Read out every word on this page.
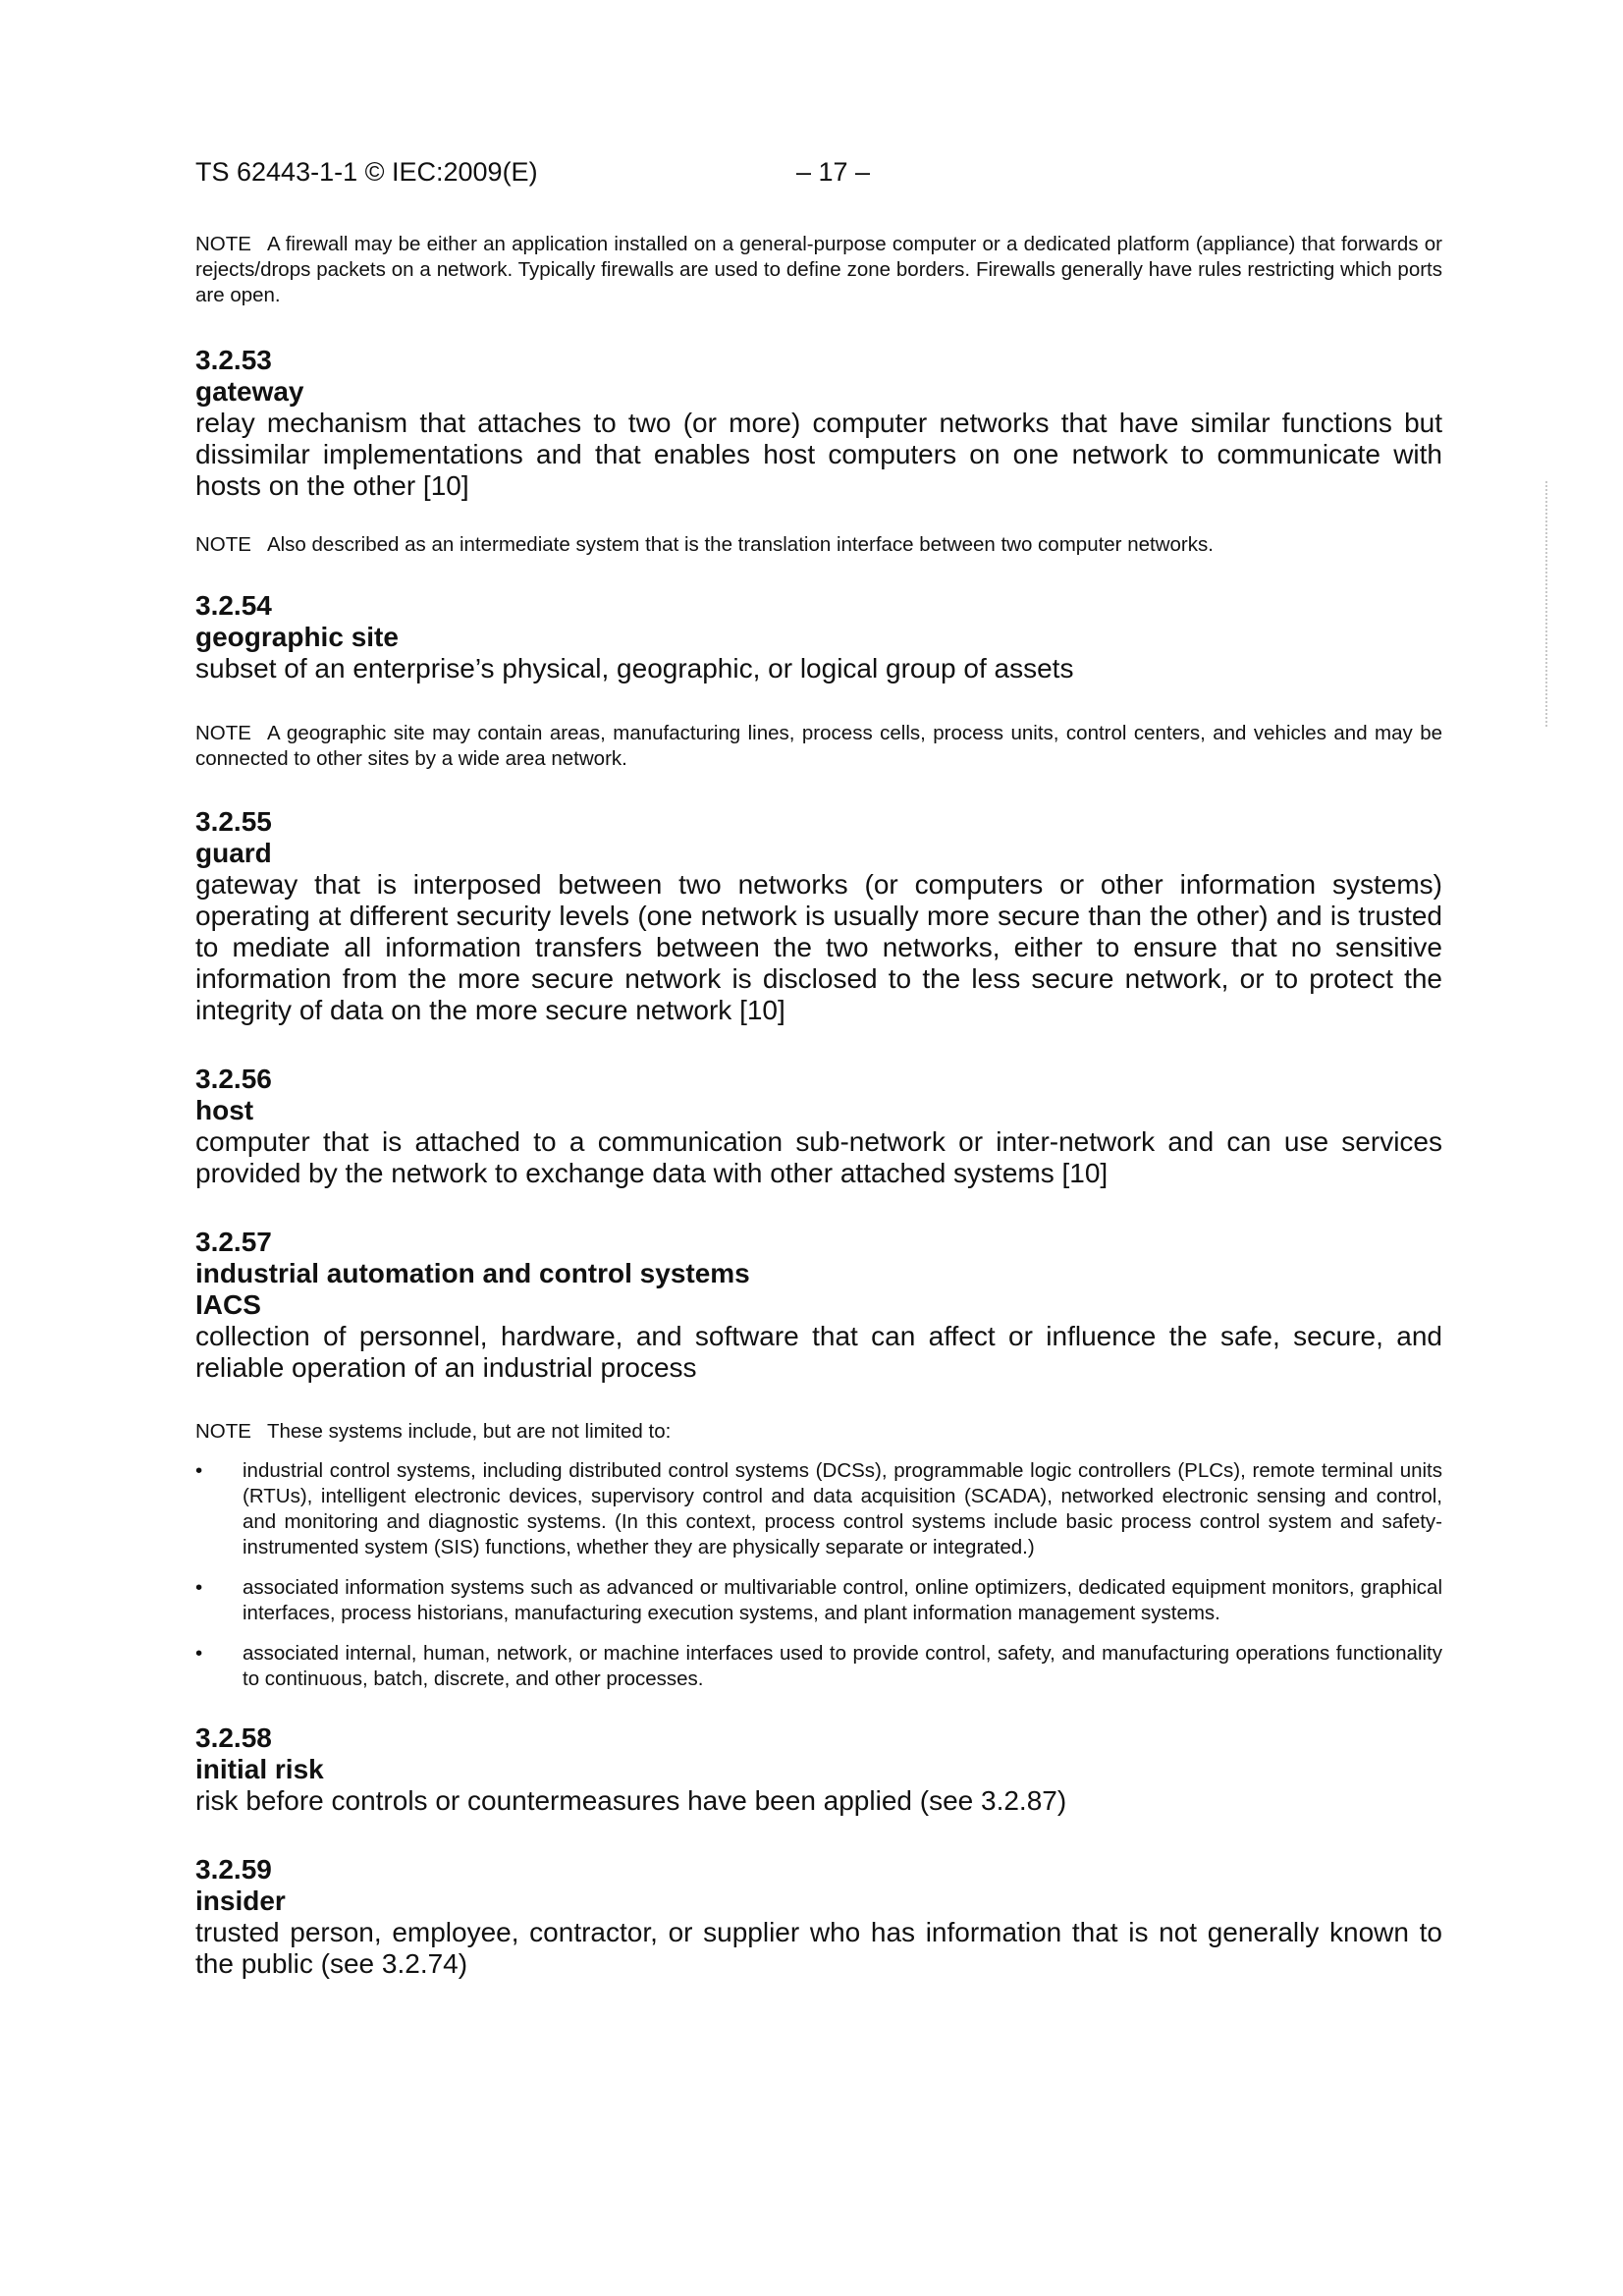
TS 62443-1-1 © IEC:2009(E)	– 17 –

NOTE A firewall may be either an application installed on a general-purpose computer or a dedicated platform (appliance) that forwards or rejects/drops packets on a network. Typically firewalls are used to define zone borders. Firewalls generally have rules restricting which ports are open.

3.2.53
gateway
relay mechanism that attaches to two (or more) computer networks that have similar functions but dissimilar implementations and that enables host computers on one network to communicate with hosts on the other [10]

NOTE Also described as an intermediate system that is the translation interface between two computer networks.

3.2.54
geographic site
subset of an enterprise’s physical, geographic, or logical group of assets

NOTE A geographic site may contain areas, manufacturing lines, process cells, process units, control centers, and vehicles and may be connected to other sites by a wide area network.

3.2.55
guard
gateway that is interposed between two networks (or computers or other information systems) operating at different security levels (one network is usually more secure than the other) and is trusted to mediate all information transfers between the two networks, either to ensure that no sensitive information from the more secure network is disclosed to the less secure network, or to protect the integrity of data on the more secure network [10]
3.2.56
host
computer that is attached to a communication sub-network or inter-network and can use services provided by the network to exchange data with other attached systems [10]
3.2.57
industrial automation and control systems
IACS
collection of personnel, hardware, and software that can affect or influence the safe, secure, and reliable operation of an industrial process

NOTE These systems include, but are not limited to:

• industrial control systems, including distributed control systems (DCSs), programmable logic controllers (PLCs), remote terminal units (RTUs), intelligent electronic devices, supervisory control and data acquisition (SCADA), networked electronic sensing and control, and monitoring and diagnostic systems. (In this context, process control systems include basic process control system and safety-instrumented system (SIS) functions, whether they are physically separate or integrated.)
• associated information systems such as advanced or multivariable control, online optimizers, dedicated equipment monitors, graphical interfaces, process historians, manufacturing execution systems, and plant information management systems.
• associated internal, human, network, or machine interfaces used to provide control, safety, and manufacturing operations functionality to continuous, batch, discrete, and other processes.
3.2.58
initial risk
risk before controls or countermeasures have been applied (see 3.2.87)
3.2.59
insider
trusted person, employee, contractor, or supplier who has information that is not generally known to the public (see 3.2.74)
